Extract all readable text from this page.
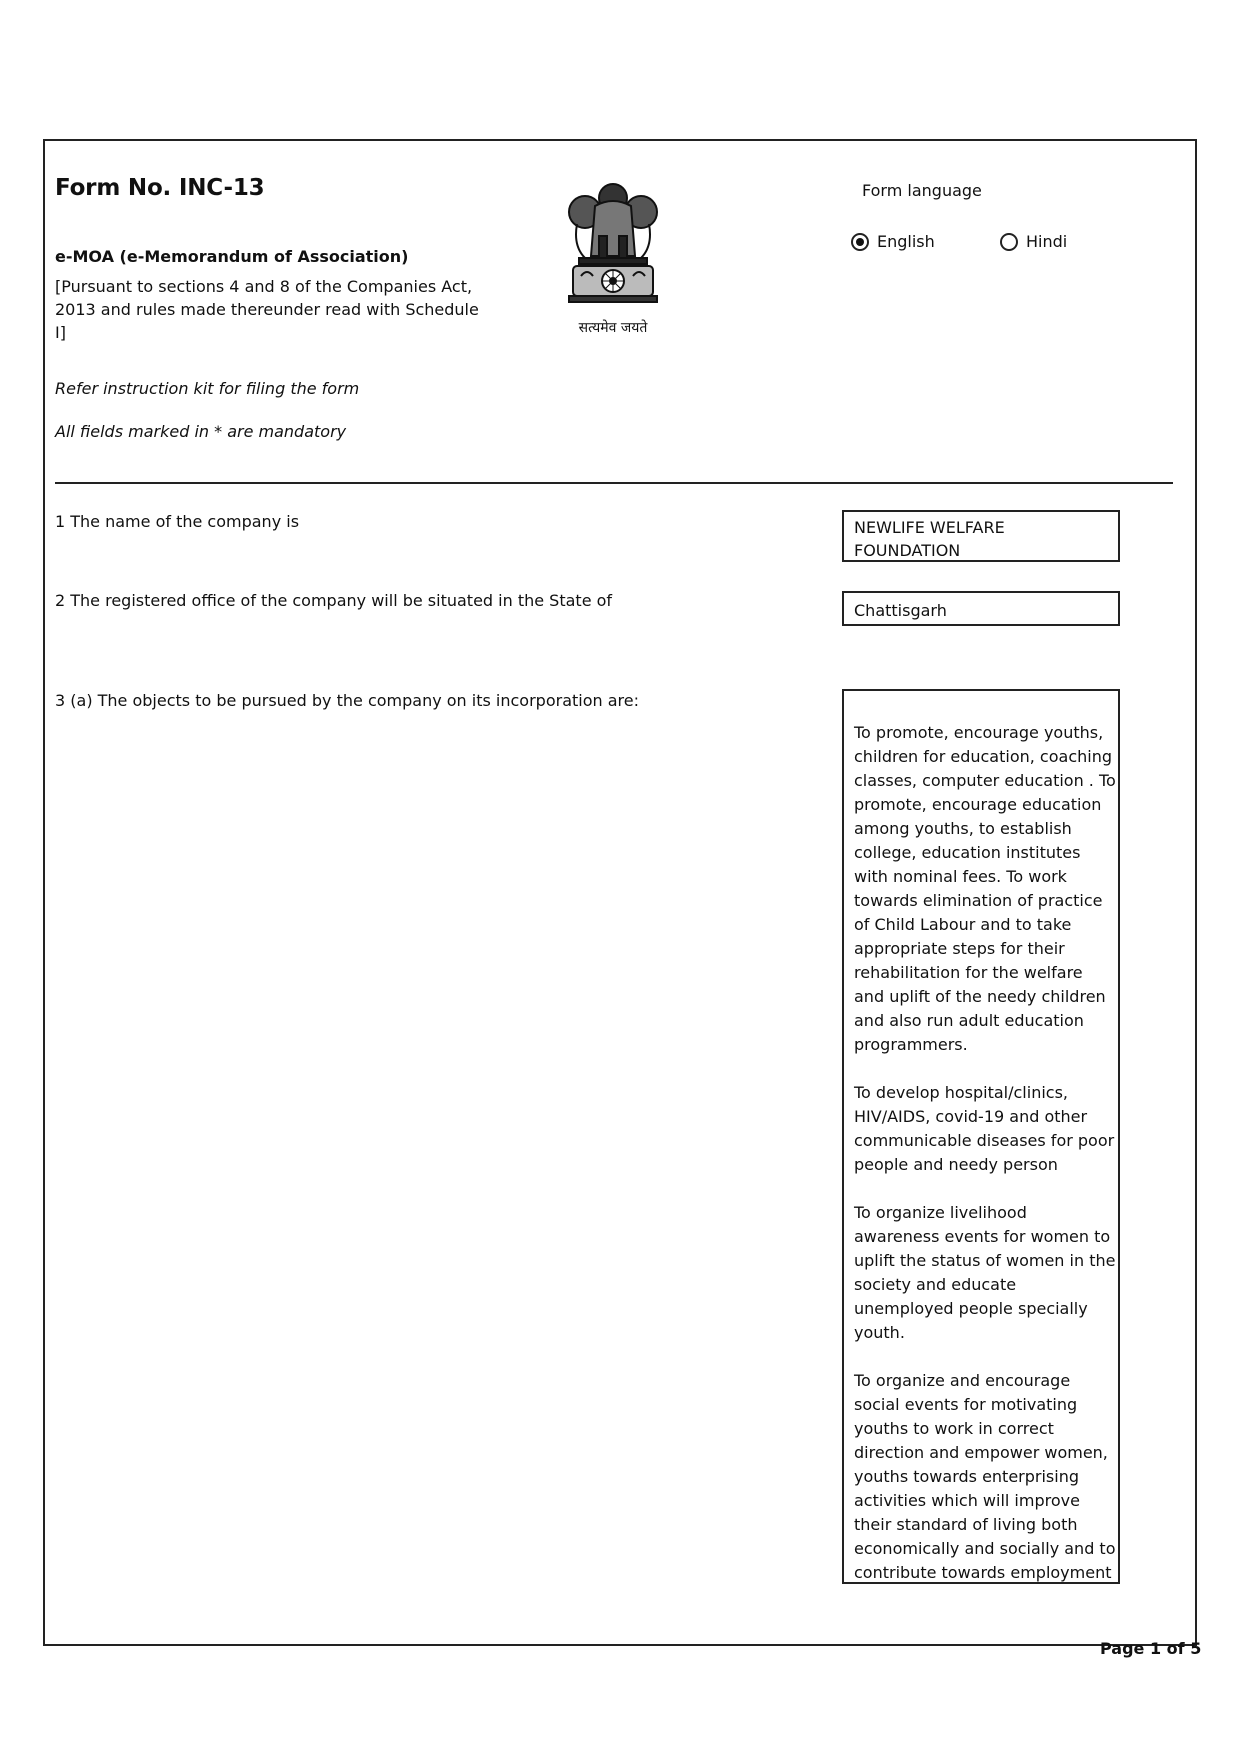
Form No. INC-13
e-MOA (e-Memorandum of Association)
[Pursuant to sections 4 and 8 of the Companies Act, 2013 and rules made thereunder read with Schedule I]
Refer instruction kit for filing the form
All fields marked in * are mandatory
सत्यमेव जयते
Form language
English	Hindi
1 The name of the company is	NEWLIFE WELFARE FOUNDATION
2 The registered office of the company will be situated in the State of
Chattisgarh
3 (a) The objects to be pursued by the company on its incorporation are:

To promote, encourage youths, children for education, coaching classes, computer education . To promote, encourage education among youths, to establish college, education institutes with nominal fees. To work towards elimination of practice of Child Labour and to take appropriate steps for their rehabilitation for the welfare and uplift of the needy children and also run adult education programmers.

To develop hospital/clinics, HIV/AIDS, covid-19 and other communicable diseases for poor people and needy person

To organize livelihood awareness events for women to uplift the status of women in the society and educate unemployed people specially youth.

To organize and encourage social events for motivating youths to work in correct direction and empower women, youths towards enterprising activities which will improve their standard of living both economically and socially and to contribute towards employment

Page 1 of 5
